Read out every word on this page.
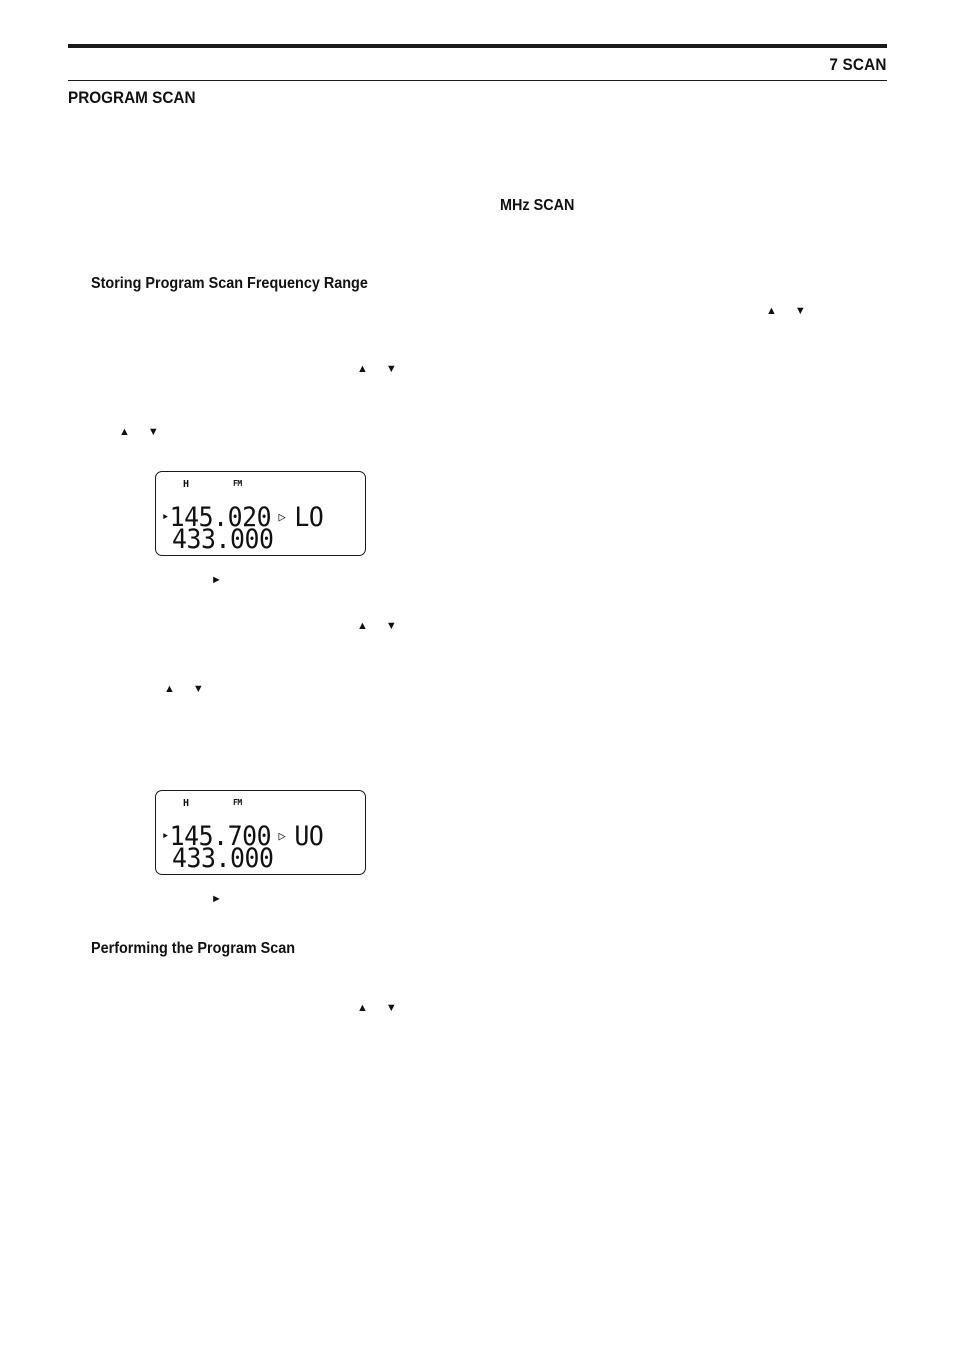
7 SCAN
PROGRAM SCAN
MHz SCAN
Storing Program Scan Frequency Range
▲ ▼
▲ ▼
▲ ▼
H	FM
▸145.020 ▷ LO
433.000
►
▲ ▼
▲ ▼
H	FM
▸145.700 ▷ UO
433.000
►
Performing the Program Scan
▲ ▼
